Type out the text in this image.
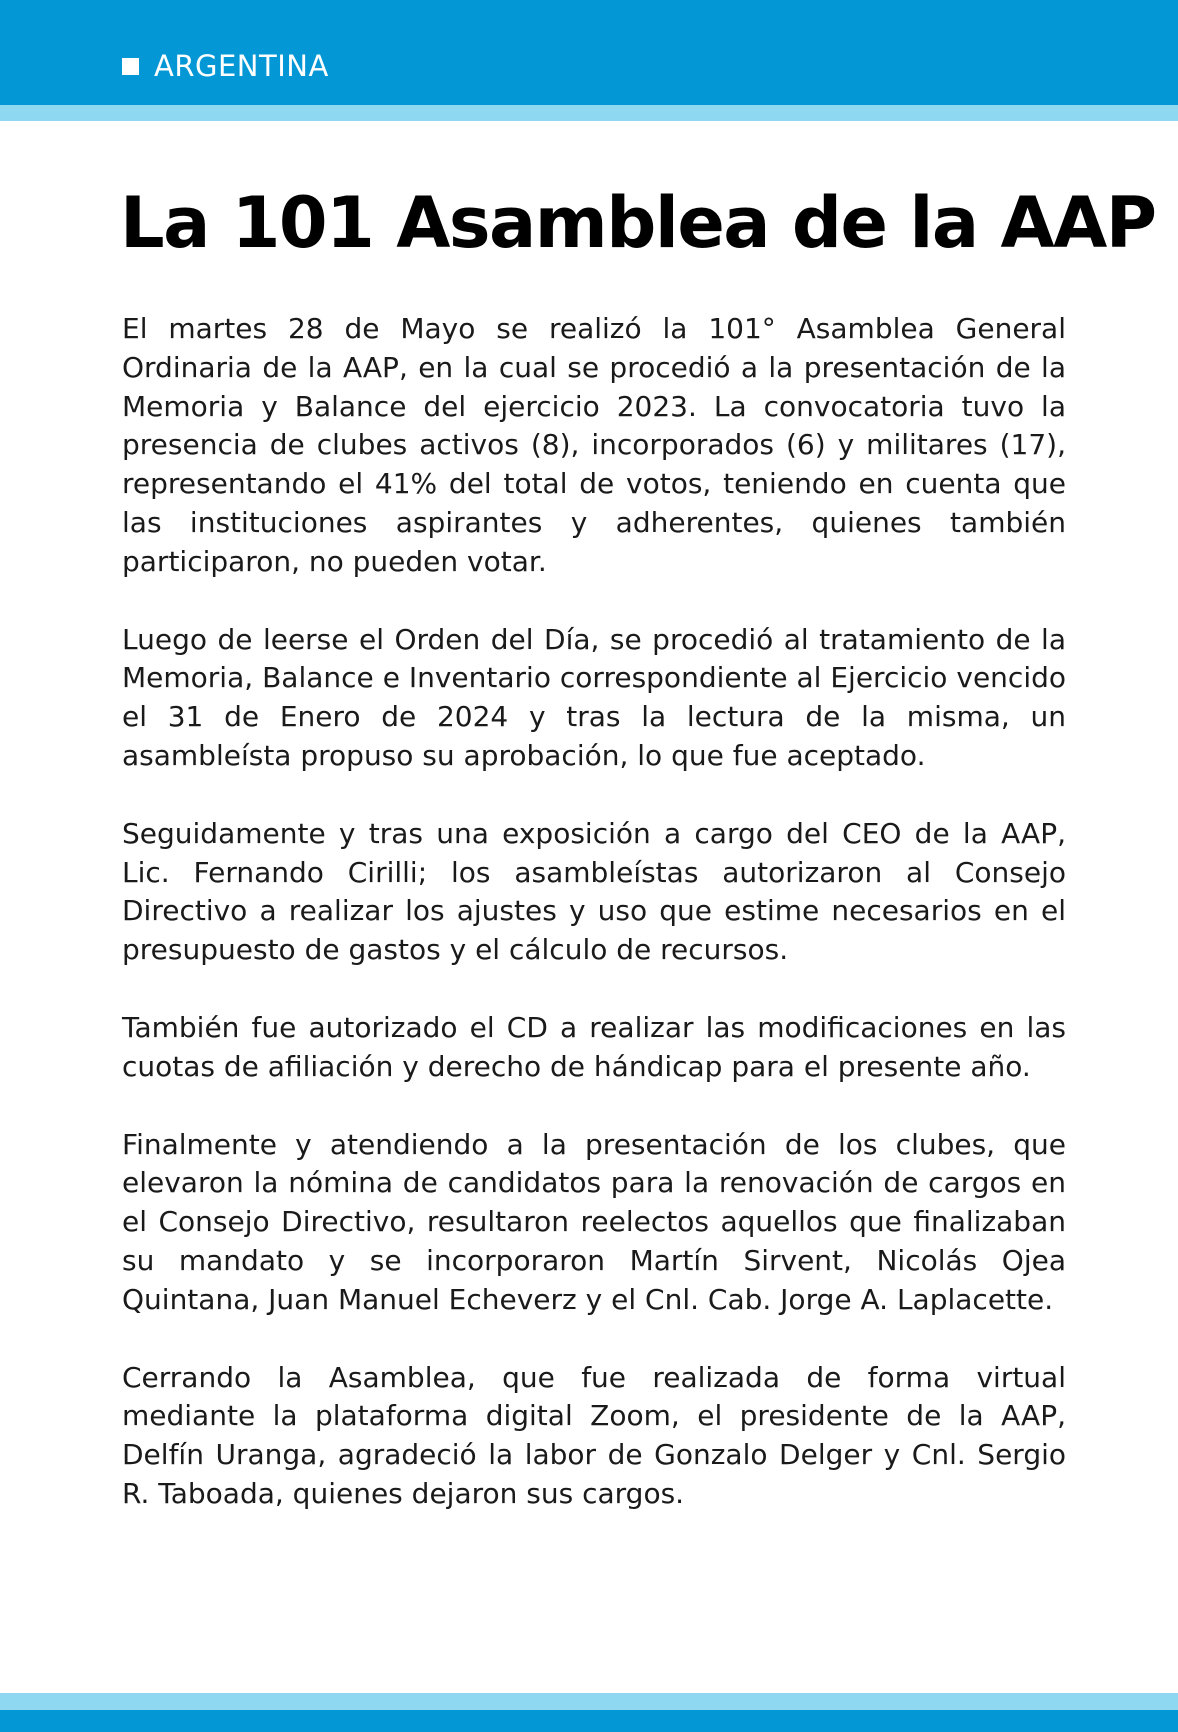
ARGENTINA
La 101 Asamblea de la AAP

El martes 28 de Mayo se realizó la 101° Asamblea General Ordinaria de la AAP, en la cual se procedió a la presentación de la Memoria y Balance del ejercicio 2023. La convocatoria tuvo la presencia de clubes activos (8), incorporados (6) y militares (17), representando el 41% del total de votos, teniendo en cuenta que las instituciones aspirantes y adherentes, quienes también participaron, no pueden votar.

Luego de leerse el Orden del Día, se procedió al tratamiento de la Memoria, Balance e Inventario correspondiente al Ejercicio vencido el 31 de Enero de 2024 y tras la lectura de la misma, un asambleísta propuso su aprobación, lo que fue aceptado.

Seguidamente y tras una exposición a cargo del CEO de la AAP, Lic. Fernando Cirilli; los asambleístas autorizaron al Consejo Directivo a realizar los ajustes y uso que estime necesarios en el presupuesto de gastos y el cálculo de recursos.

También fue autorizado el CD a realizar las modificaciones en las cuotas de afiliación y derecho de hándicap para el presente año.

Finalmente y atendiendo a la presentación de los clubes, que elevaron la nómina de candidatos para la renovación de cargos en el Consejo Directivo, resultaron reelectos aquellos que finalizaban su mandato y se incorporaron Martín Sirvent, Nicolás Ojea Quintana, Juan Manuel Echeverz y el Cnl. Cab. Jorge A. Laplacette.

Cerrando la Asamblea, que fue realizada de forma virtual mediante la plataforma digital Zoom, el presidente de la AAP, Delfín Uranga, agradeció la labor de Gonzalo Delger y Cnl. Sergio R. Taboada, quienes dejaron sus cargos.
